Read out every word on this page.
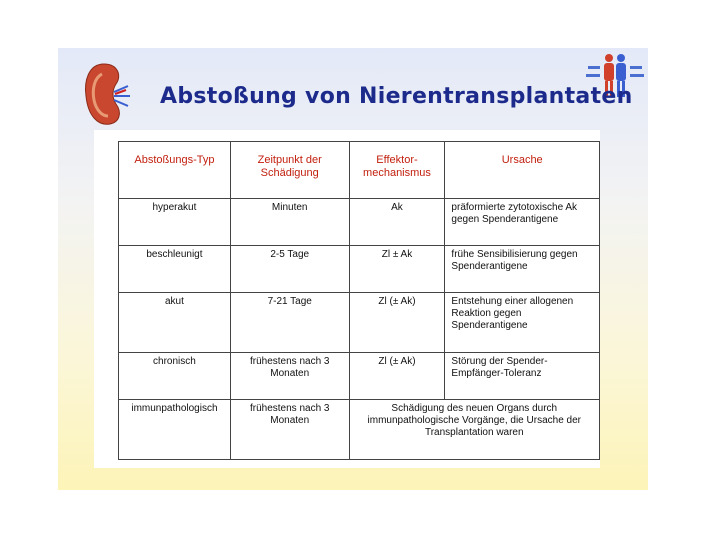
Abstoßung von Nierentransplantaten
Abstoßungs-Typ	Zeitpunkt der Schädigung	Effektor-mechanismus	Ursache
hyperakut	Minuten	Ak	präformierte zytotoxische Ak gegen Spenderantigene
beschleunigt	2-5 Tage	Zl ± Ak	frühe Sensibilisierung gegen Spenderantigene
akut	7-21 Tage	Zl (± Ak)	Entstehung einer allogenen Reaktion gegen Spenderantigene
chronisch	frühestens nach 3 Monaten	Zl (± Ak)	Störung der Spender-Empfänger-Toleranz
immunpathologisch	frühestens nach 3 Monaten	Schädigung des neuen Organs durch immunpathologische Vorgänge, die Ursache der Transplantation waren	
